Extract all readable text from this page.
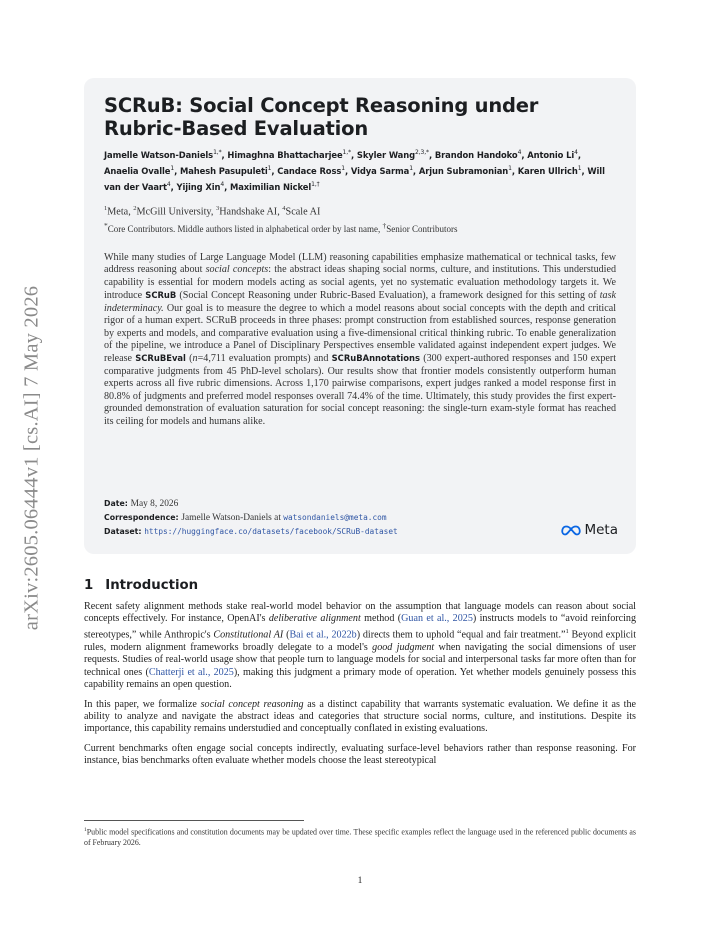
arXiv:2605.06444v1 [cs.AI] 7 May 2026
SCRuB: Social Concept Reasoning under Rubric-Based Evaluation
Jamelle Watson-Daniels$^{1,*}$, Himaghna Bhattacharjee$^{1,*}$, Skyler Wang$^{2,3,*}$, Brandon Handoko$^4$, Antonio Li$^4$, Anaelia Ovalle$^1$, Mahesh Pasupuleti$^1$, Candace Ross$^1$, Vidya Sarma$^1$, Arjun Subramonian$^1$, Karen Ullrich$^1$, Will van der Vaart$^4$, Yijing Xin$^4$, Maximilian Nickel$^{1,\dagger}$
$^1$Meta, $^2$McGill University, $^3$Handshake AI, $^4$Scale AI
*Core Contributors. Middle authors listed in alphabetical order by last name, †Senior Contributors
While many studies of Large Language Model (LLM) reasoning capabilities emphasize mathematical or technical tasks, few address reasoning about social concepts: the abstract ideas shaping social norms, culture, and institutions. This understudied capability is essential for modern models acting as social agents, yet no systematic evaluation methodology targets it. We introduce SCRuB (Social Concept Reasoning under Rubric-Based Evaluation), a framework designed for this setting of task indeterminacy. Our goal is to measure the degree to which a model reasons about social concepts with the depth and critical rigor of a human expert. SCRuB proceeds in three phases: prompt construction from established sources, response generation by experts and models, and comparative evaluation using a five-dimensional critical thinking rubric. To enable generalization of the pipeline, we introduce a Panel of Disciplinary Perspectives ensemble validated against independent expert judges. We release SCRuBEval (n=4,711 evaluation prompts) and SCRuBAnnotations (300 expert-authored responses and 150 expert comparative judgments from 45 PhD-level scholars). Our results show that frontier models consistently outperform human experts across all five rubric dimensions. Across 1,170 pairwise comparisons, expert judges ranked a model response first in 80.8% of judgments and preferred model responses overall 74.4% of the time. Ultimately, this study provides the first expert-grounded demonstration of evaluation saturation for social concept reasoning: the single-turn exam-style format has reached its ceiling for models and humans alike.
Date: May 8, 2026
Correspondence: Jamelle Watson-Daniels at watsondaniels@meta.com
Dataset: https://huggingface.co/datasets/facebook/SCRuB-dataset	Meta
1 Introduction

Recent safety alignment methods stake real-world model behavior on the assumption that language models can reason about social concepts effectively. For instance, OpenAI's deliberative alignment method (Guan et al., 2025) instructs models to “avoid reinforcing stereotypes,” while Anthropic's Constitutional AI (Bai et al., 2022b) directs them to uphold “equal and fair treatment.”$^1$ Beyond explicit rules, modern alignment frameworks broadly delegate to a model's good judgment when navigating the social dimensions of user requests. Studies of real-world usage show that people turn to language models for social and interpersonal tasks far more often than for technical ones (Chatterji et al., 2025), making this judgment a primary mode of operation. Yet whether models genuinely possess this capability remains an open question.

In this paper, we formalize social concept reasoning as a distinct capability that warrants systematic evaluation. We define it as the ability to analyze and navigate the abstract ideas and categories that structure social norms, culture, and institutions. Despite its importance, this capability remains understudied and conceptually conflated in existing evaluations.

Current benchmarks often engage social concepts indirectly, evaluating surface-level behaviors rather than response reasoning. For instance, bias benchmarks often evaluate whether models choose the least stereotypical

$^1$Public model specifications and constitution documents may be updated over time. These specific examples reflect the language used in the referenced public documents as of February 2026.
1
